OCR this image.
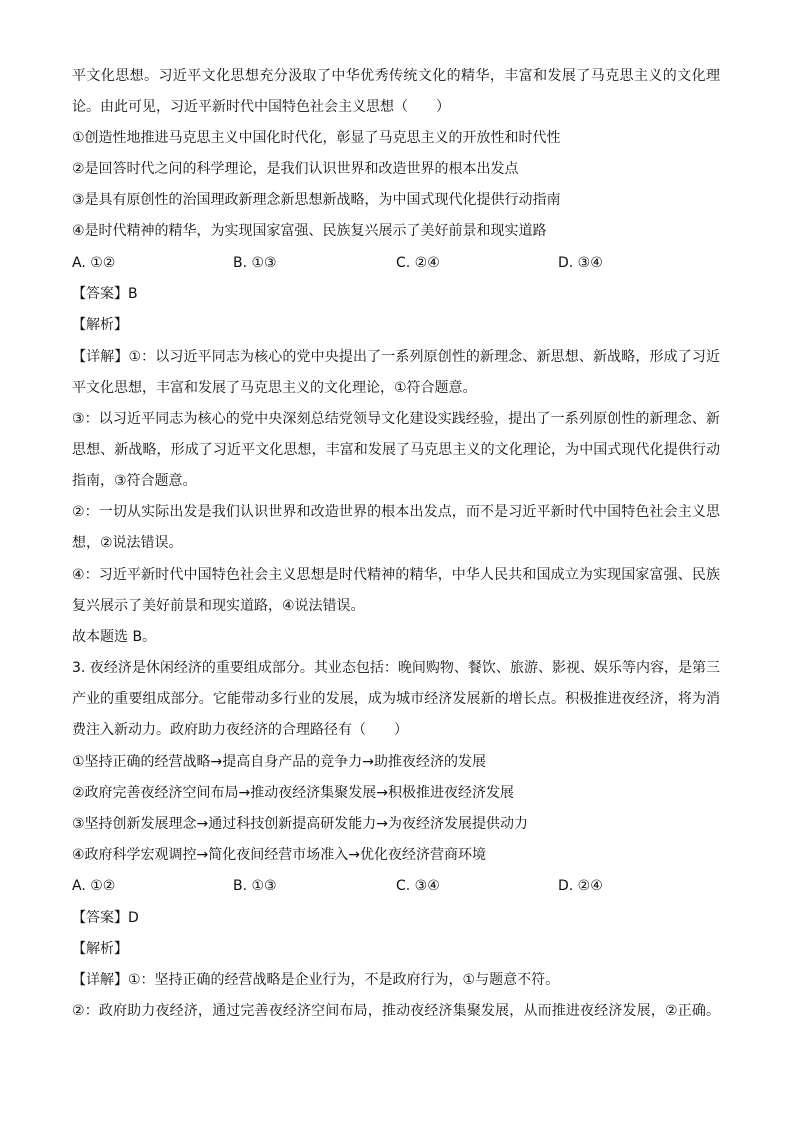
平文化思想。习近平文化思想充分汲取了中华优秀传统文化的精华，丰富和发展了马克思主义的文化理
论。由此可见，习近平新时代中国特色社会主义思想（　　）
①创造性地推进马克思主义中国化时代化，彰显了马克思主义的开放性和时代性
②是回答时代之问的科学理论，是我们认识世界和改造世界的根本出发点
③是具有原创性的治国理政新理念新思想新战略，为中国式现代化提供行动指南
④是时代精神的精华，为实现国家富强、民族复兴展示了美好前景和现实道路
A. ①②	B. ①③	C. ②④	D. ③④
【答案】B
【解析】
【详解】①：以习近平同志为核心的党中央提出了一系列原创性的新理念、新思想、新战略，形成了习近
平文化思想，丰富和发展了马克思主义的文化理论，①符合题意。
③：以习近平同志为核心的党中央深刻总结党领导文化建设实践经验，提出了一系列原创性的新理念、新
思想、新战略，形成了习近平文化思想，丰富和发展了马克思主义的文化理论，为中国式现代化提供行动
指南，③符合题意。
②：一切从实际出发是我们认识世界和改造世界的根本出发点，而不是习近平新时代中国特色社会主义思
想，②说法错误。
④：习近平新时代中国特色社会主义思想是时代精神的精华，中华人民共和国成立为实现国家富强、民族
复兴展示了美好前景和现实道路，④说法错误。
故本题选 B。
3. 夜经济是休闲经济的重要组成部分。其业态包括：晚间购物、餐饮、旅游、影视、娱乐等内容，是第三
产业的重要组成部分。它能带动多行业的发展，成为城市经济发展新的增长点。积极推进夜经济，将为消
费注入新动力。政府助力夜经济的合理路径有（　　）
①坚持正确的经营战略→提高自身产品的竞争力→助推夜经济的发展
②政府完善夜经济空间布局→推动夜经济集聚发展→积极推进夜经济发展
③坚持创新发展理念→通过科技创新提高研发能力→为夜经济发展提供动力
④政府科学宏观调控→简化夜间经营市场准入→优化夜经济营商环境
A. ①②	B. ①③	C. ③④	D. ②④
【答案】D
【解析】
【详解】①：坚持正确的经营战略是企业行为，不是政府行为，①与题意不符。
②：政府助力夜经济，通过完善夜经济空间布局，推动夜经济集聚发展，从而推进夜经济发展，②正确。
